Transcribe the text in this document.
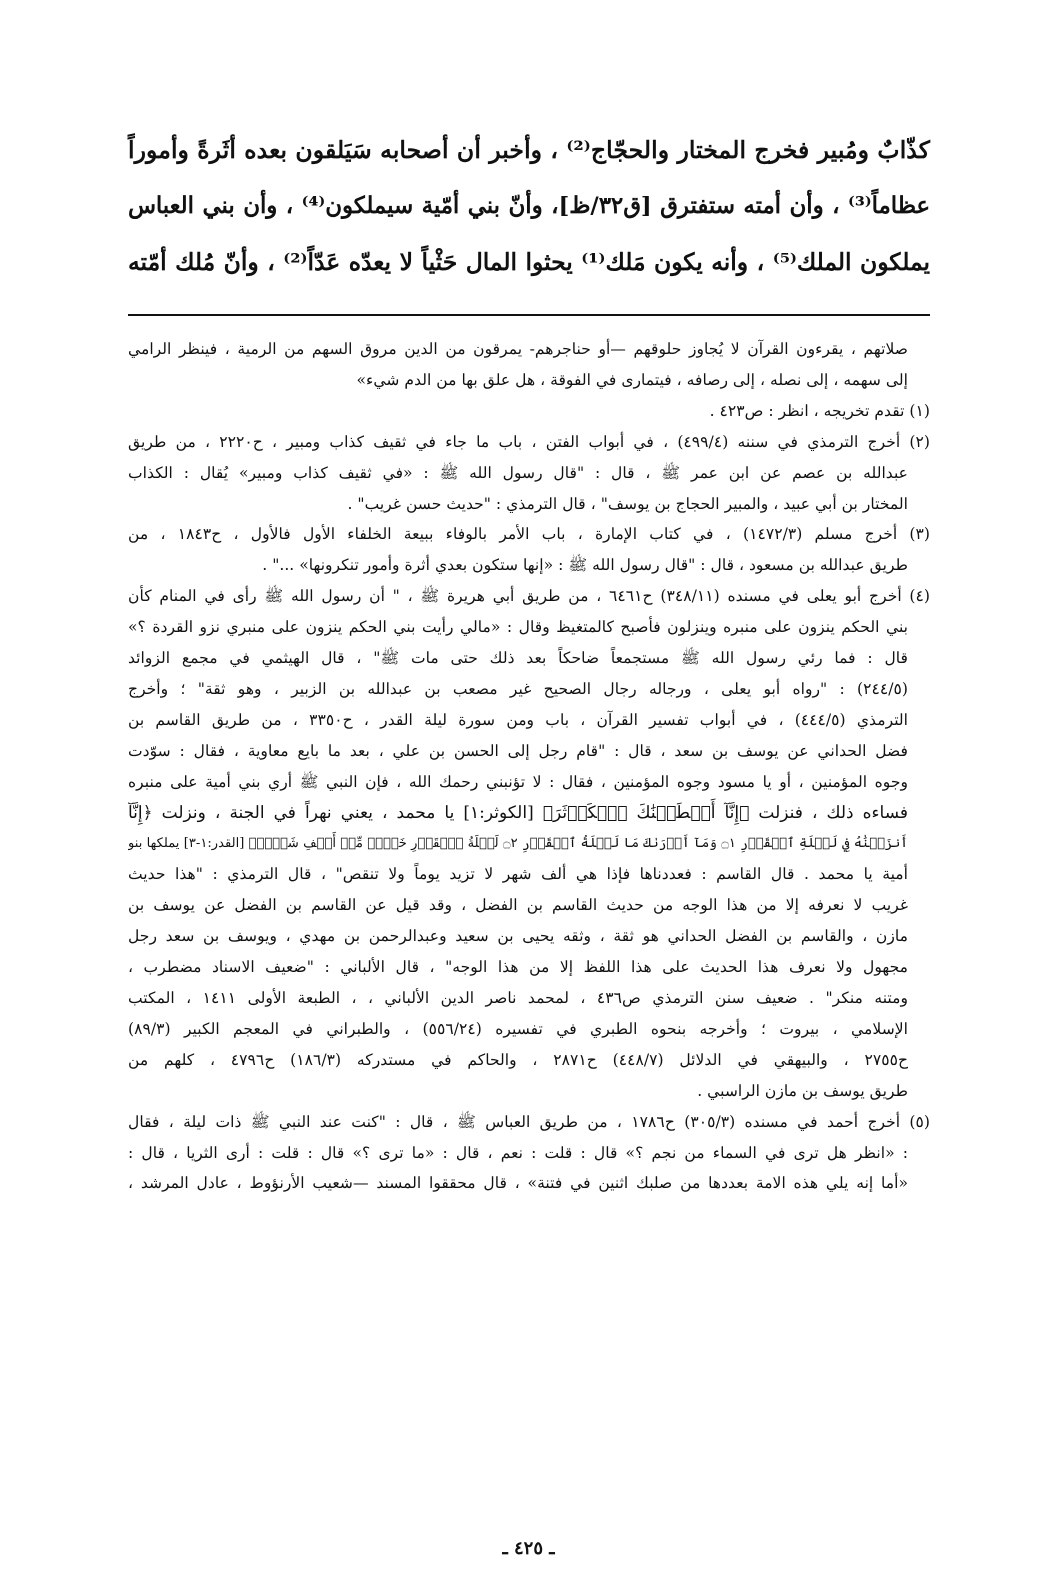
كذّابٌ ومُبير فخرج المختار والحجّاج⁽²⁾ ، وأخبر أن أصحابه سَيَلقون بعده أثَرةً وأموراً

عظاماً⁽³⁾ ، وأن أمته ستفترق [ق٣٢/ظ]، وأنّ بني أمّية سيملكون⁽⁴⁾ ، وأن بني العباس

يملكون الملك⁽⁵⁾ ، وأنه يكون مَلك⁽¹⁾ يحثوا المال حَثْياً لا يعدّه عَدّاً⁽²⁾ ، وأنّ مُلك أمّته

صلاتهم ، يقرءون القرآن لا يُجاوز حلوقهم —أو حناجرهم- يمرقون من الدين مروق السهم من الرمية ، فينظر الرامي

إلى سهمه ، إلى نصله ، إلى رصافه ، فيتمارى في الفوقة ، هل علق بها من الدم شيء»

(١) تقدم تخريجه ، انظر : ص٤٢٣ .

(٢) أخرج الترمذي في سننه (٤٩٩/٤) ، في أبواب الفتن ، باب ما جاء في ثقيف كذاب ومبير ، ح٢٢٢٠ ، من طريق

عبدالله بن عصم عن ابن عمر ﷺ ، قال : "قال رسول الله ﷺ : «في ثقيف كذاب ومبير» يُقال : الكذاب

المختار بن أبي عبيد ، والمبير الحجاج بن يوسف" ، قال الترمذي : "حديث حسن غريب" .

(٣) أخرج مسلم (١٤٧٢/٣) ، في كتاب الإمارة ، باب الأمر بالوفاء ببيعة الخلفاء الأول فالأول ، ح١٨٤٣ ، من

طريق عبدالله بن مسعود ، قال : "قال رسول الله ﷺ : «إنها ستكون بعدي أثرة وأمور تنكرونها» ..." .

(٤) أخرج أبو يعلى في مسنده (٣٤٨/١١) ح٦٤٦١ ، من طريق أبي هريرة ﷺ ، " أن رسول الله ﷺ رأى في المنام كأن

بني الحكم ينزون على منبره وينزلون فأصبح كالمتغيظ وقال : «مالي رأيت بني الحكم ينزون على منبري نزو القردة ؟»

قال : فما رئي رسول الله ﷺ مستجمعاً ضاحكاً بعد ذلك حتى مات ﷺ" ، قال الهيثمي في مجمع الزوائد

(٢٤٤/٥) : "رواه أبو يعلى ، ورجاله رجال الصحيح غير مصعب بن عبدالله بن الزبير ، وهو ثقة" ؛ وأخرج

الترمذي (٤٤٤/٥) ، في أبواب تفسير القرآن ، باب ومن سورة ليلة القدر ، ح٣٣٥٠ ، من طريق القاسم بن

فضل الحداني عن يوسف بن سعد ، قال : "قام رجل إلى الحسن بن علي ، بعد ما بايع معاوية ، فقال : سوّدت

وجوه المؤمنين ، أو يا مسود وجوه المؤمنين ، فقال : لا تؤنبني رحمك الله ، فإن النبي ﷺ أري بني أمية على منبره

فساءه ذلك ، فنزلت ﴿إِنَّآ أَعۡطَيۡنَٰكَ ٱلۡكَوۡثَرَ﴾ [الكوثر:١] يا محمد ، يعني نهراً في الجنة ، ونزلت ﴿إِنَّآ

أَنزَلۡنَٰهُ فِي لَيۡلَةِ ٱلۡقَدۡرِ ۝١ وَمَآ أَدۡرَىٰكَ مَا لَيۡلَةُ ٱلۡقَدۡرِ ۝٢ لَيۡلَةُ ٱلۡقَدۡرِ خَيۡرٞ مِّنۡ أَلۡفِ شَهۡرٖ﴾ [القدر:١-٣] يملكها بنو

أمية يا محمد . قال القاسم : فعددناها فإذا هي ألف شهر لا تزيد يوماً ولا تنقص" ، قال الترمذي : "هذا حديث

غريب لا نعرفه إلا من هذا الوجه من حديث القاسم بن الفضل ، وقد قيل عن القاسم بن الفضل عن يوسف بن

مازن ، والقاسم بن الفضل الحداني هو ثقة ، وثقه يحيى بن سعيد وعبدالرحمن بن مهدي ، ويوسف بن سعد رجل

مجهول ولا نعرف هذا الحديث على هذا اللفظ إلا من هذا الوجه" ، قال الألباني : "ضعيف الاسناد مضطرب ،

ومتنه منكر" . ضعيف سنن الترمذي ص٤٣٦ ، لمحمد ناصر الدين الألباني ، ، الطبعة الأولى ١٤١١ ، المكتب

الإسلامي ، بيروت ؛ وأخرجه بنحوه الطبري في تفسيره (٥٥٦/٢٤) ، والطبراني في المعجم الكبير (٨٩/٣)

ح٢٧٥٥ ، والبيهقي في الدلائل (٤٤٨/٧) ح٢٨٧١ ، والحاكم في مستدركه (١٨٦/٣) ح٤٧٩٦ ، كلهم من

طريق يوسف بن مازن الراسبي .

(٥) أخرج أحمد في مسنده (٣٠٥/٣) ح١٧٨٦ ، من طريق العباس ﷺ ، قال : "كنت عند النبي ﷺ ذات ليلة ، فقال

: «انظر هل ترى في السماء من نجم ؟» قال : قلت : نعم ، قال : «ما ترى ؟» قال : قلت : أرى الثريا ، قال :

«أما إنه يلي هذه الامة بعددها من صلبك اثنين في فتنة» ، قال محققوا المسند —شعيب الأرنؤوط ، عادل المرشد ،

ـ ٤٢٥ ـ
